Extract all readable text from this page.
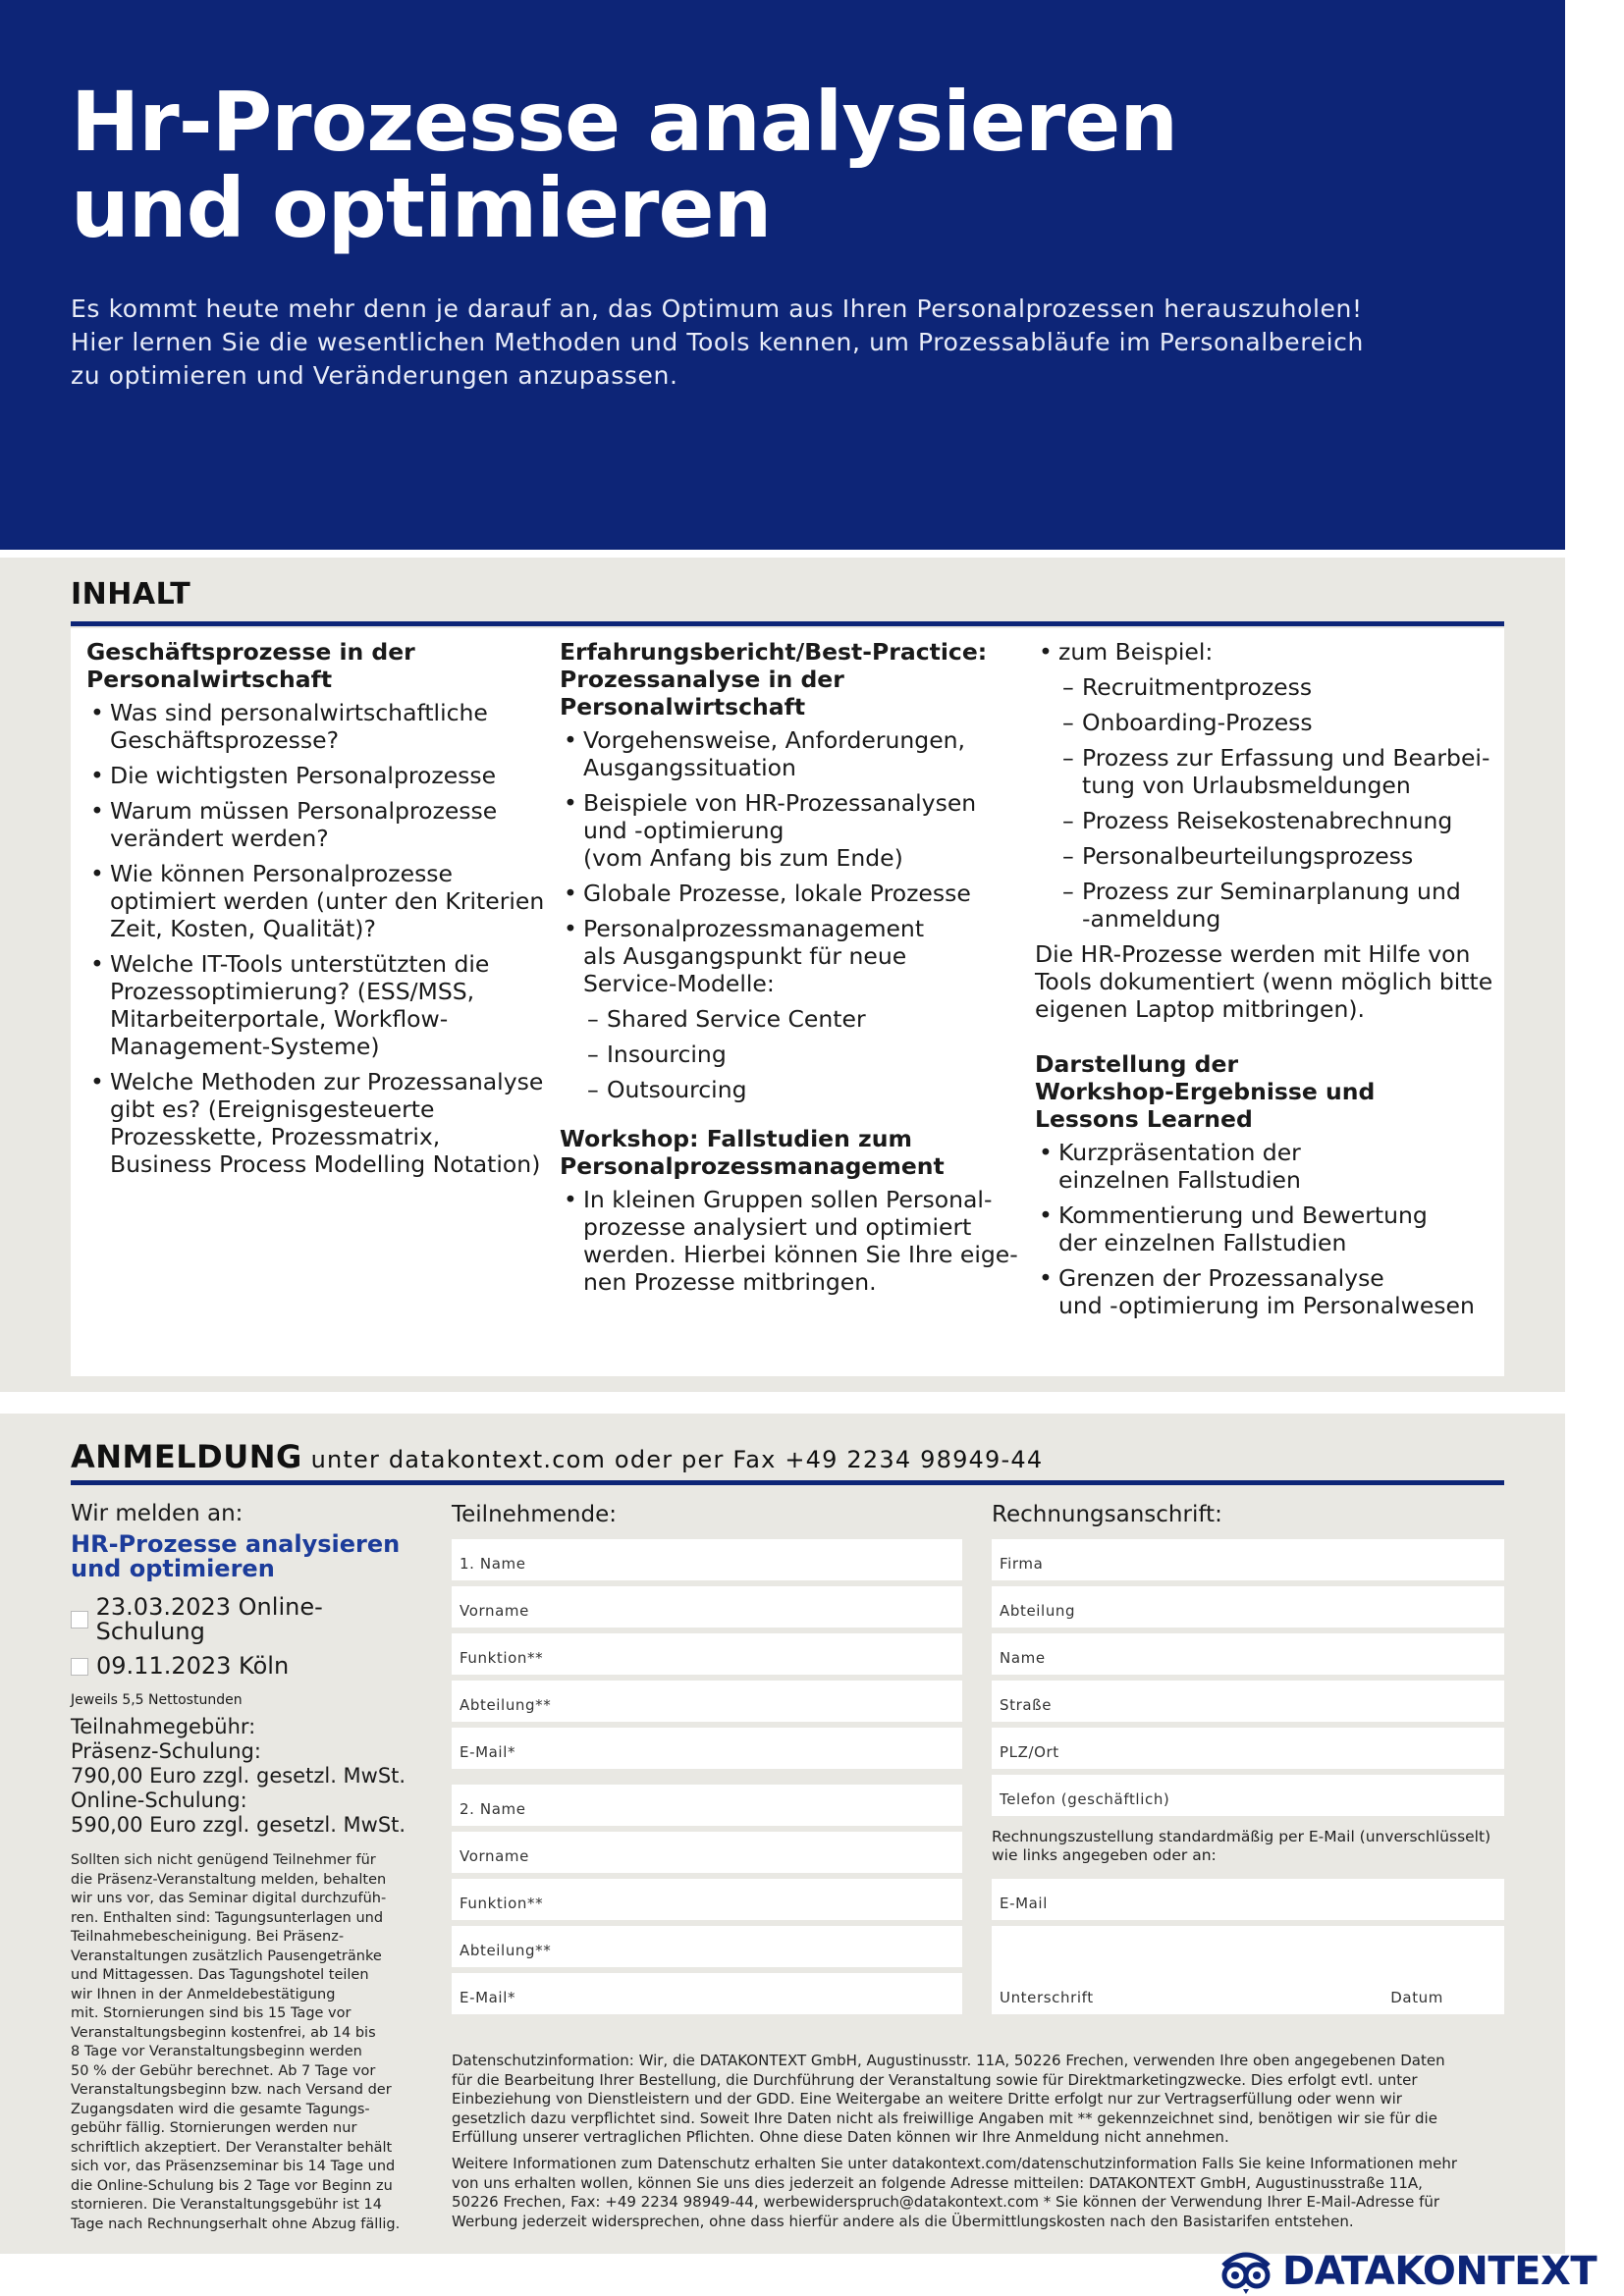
Hr-Prozesse analysieren
und optimieren
Es kommt heute mehr denn je darauf an, das Optimum aus Ihren Personalprozessen herauszuholen!
Hier lernen Sie die wesentlichen Methoden und Tools kennen, um Prozessabläufe im Personalbereich
zu optimieren und Veränderungen anzupassen.
INHALT
Geschäftsprozesse in der
Personalwirtschaft
• Was sind personalwirtschaftliche
Geschäftsprozesse?
• Die wichtigsten Personalprozesse
• Warum müssen Personalprozesse
verändert werden?
• Wie können Personalprozesse
optimiert werden (unter den Kriterien
Zeit, Kosten, Qualität)?
• Welche IT-Tools unterstützten die
Prozessoptimierung? (ESS/MSS,
Mitarbeiterportale, Workflow-
Management-Systeme)
• Welche Methoden zur Prozessanalyse
gibt es? (Ereignisgesteuerte
Prozesskette, Prozessmatrix,
Business Process Modelling Notation)
Erfahrungsbericht/Best-Practice:
Prozessanalyse in der
Personalwirtschaft
• Vorgehensweise, Anforderungen,
Ausgangssituation
• Beispiele von HR-Prozessanalysen
und -optimierung
(vom Anfang bis zum Ende)
• Globale Prozesse, lokale Prozesse
• Personalprozessmanagement
als Ausgangspunkt für neue
Service-Modelle:
– Shared Service Center
– Insourcing
– Outsourcing
Workshop: Fallstudien zum
Personalprozessmanagement
• In kleinen Gruppen sollen Personal-
prozesse analysiert und optimiert
werden. Hierbei können Sie Ihre eige-
nen Prozesse mitbringen.
• zum Beispiel:
– Recruitmentprozess
– Onboarding-Prozess
– Prozess zur Erfassung und Bearbei-
tung von Urlaubsmeldungen
– Prozess Reisekostenabrechnung
– Personalbeurteilungsprozess
– Prozess zur Seminarplanung und
-anmeldung

Die HR-Prozesse werden mit Hilfe von
Tools dokumentiert (wenn möglich bitte
eigenen Laptop mitbringen).

Darstellung der
Workshop-Ergebnisse und
Lessons Learned
• Kurzpräsentation der
einzelnen Fallstudien
• Kommentierung und Bewertung
der einzelnen Fallstudien
• Grenzen der Prozessanalyse
und -optimierung im Personalwesen
ANMELDUNG unter datakontext.com oder per Fax +49 2234 98949-44
Wir melden an:
HR-Prozesse analysieren
und optimieren
23.03.2023 Online-Schulung
09.11.2023 Köln
Jeweils 5,5 Nettostunden
Teilnahmegebühr:
Präsenz-Schulung:
790,00 Euro zzgl. gesetzl. MwSt.
Online-Schulung:
590,00 Euro zzgl. gesetzl. MwSt.
Sollten sich nicht genügend Teilnehmer für
die Präsenz-Veranstaltung melden, behalten
wir uns vor, das Seminar digital durchzufüh-
ren. Enthalten sind: Tagungsunterlagen und
Teilnahmebescheinigung. Bei Präsenz-
Veranstaltungen zusätzlich Pausengetränke
und Mittagessen. Das Tagungshotel teilen
wir Ihnen in der Anmeldebestätigung
mit. Stornierungen sind bis 15 Tage vor
Veranstaltungsbeginn kostenfrei, ab 14 bis
8 Tage vor Veranstaltungsbeginn werden
50 % der Gebühr berechnet. Ab 7 Tage vor
Veranstaltungsbeginn bzw. nach Versand der
Zugangsdaten wird die gesamte Tagungs-
gebühr fällig. Stornierungen werden nur
schriftlich akzeptiert. Der Veranstalter behält
sich vor, das Präsenzseminar bis 14 Tage und
die Online-Schulung bis 2 Tage vor Beginn zu
stornieren. Die Veranstaltungsgebühr ist 14
Tage nach Rechnungserhalt ohne Abzug fällig.
Teilnehmende:	Rechnungsanschrift:
1. Name
Vorname
Funktion**
Abteilung**
E-Mail*
2. Name
Vorname
Funktion**
Abteilung**
E-Mail*
Firma
Abteilung
Name
Straße
PLZ/Ort
Telefon (geschäftlich)
Rechnungszustellung standardmäßig per E-Mail (unverschlüsselt)
wie links angegeben oder an:
E-Mail
Unterschrift	Datum
Datenschutzinformation: Wir, die DATAKONTEXT GmbH, Augustinusstr. 11A, 50226 Frechen, verwenden Ihre oben angegebenen Daten
für die Bearbeitung Ihrer Bestellung, die Durchführung der Veranstaltung sowie für Direktmarketingzwecke. Dies erfolgt evtl. unter
Einbeziehung von Dienstleistern und der GDD. Eine Weitergabe an weitere Dritte erfolgt nur zur Vertragserfüllung oder wenn wir
gesetzlich dazu verpflichtet sind. Soweit Ihre Daten nicht als freiwillige Angaben mit ** gekennzeichnet sind, benötigen wir sie für die
Erfüllung unserer vertraglichen Pflichten. Ohne diese Daten können wir Ihre Anmeldung nicht annehmen.
Weitere Informationen zum Datenschutz erhalten Sie unter datakontext.com/datenschutzinformation Falls Sie keine Informationen mehr
von uns erhalten wollen, können Sie uns dies jederzeit an folgende Adresse mitteilen: DATAKONTEXT GmbH, Augustinusstraße 11A,
50226 Frechen, Fax: +49 2234 98949-44, werbewiderspruch@datakontext.com * Sie können der Verwendung Ihrer E-Mail-Adresse für
Werbung jederzeit widersprechen, ohne dass hierfür andere als die Übermittlungskosten nach den Basistarifen entstehen.
DATAKONTEXT
